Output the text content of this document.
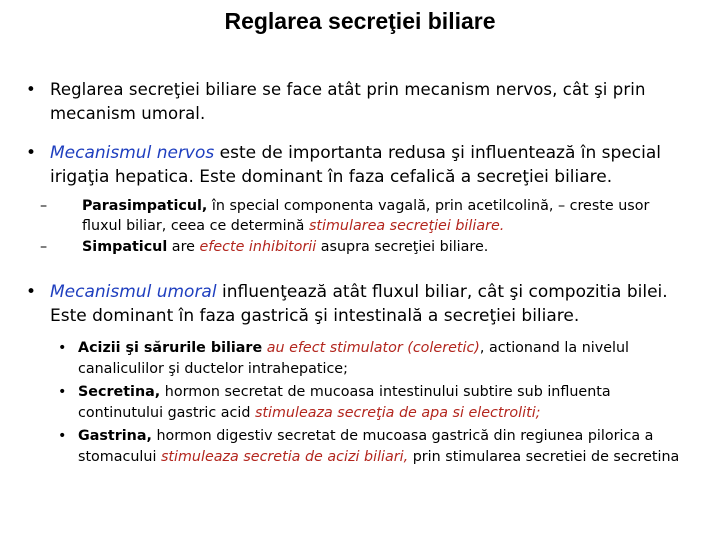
Reglarea secreţiei biliare
• Reglarea secreţiei biliare se face atât prin mecanism nervos, cât şi prin mecanism umoral.
• Mecanismul nervos este de importanta redusa şi influentează în special irigaţia hepatica. Este dominant în faza cefalică a secreţiei biliare.
– Parasimpaticul, în special componenta vagală, prin acetilcolină, – creste usor fluxul biliar, ceea ce determină stimularea secreţiei biliare.
– Simpaticul are efecte inhibitorii asupra secreţiei biliare.
• Mecanismul umoral influenţează atât fluxul biliar, cât şi compozitia bilei. Este dominant în faza gastrică şi intestinală a secreţiei biliare.
• Acizii şi sărurile biliare au efect stimulator (coleretic), actionand la nivelul canaliculilor şi ductelor intrahepatice;
• Secretina, hormon secretat de mucoasa intestinului subtire sub influenta continutului gastric acid stimuleaza secreţia de apa si electroliti;
• Gastrina, hormon digestiv secretat de mucoasa gastrică din regiunea pilorica a stomacului stimuleaza secretia de acizi biliari, prin stimularea secretiei de secretina
